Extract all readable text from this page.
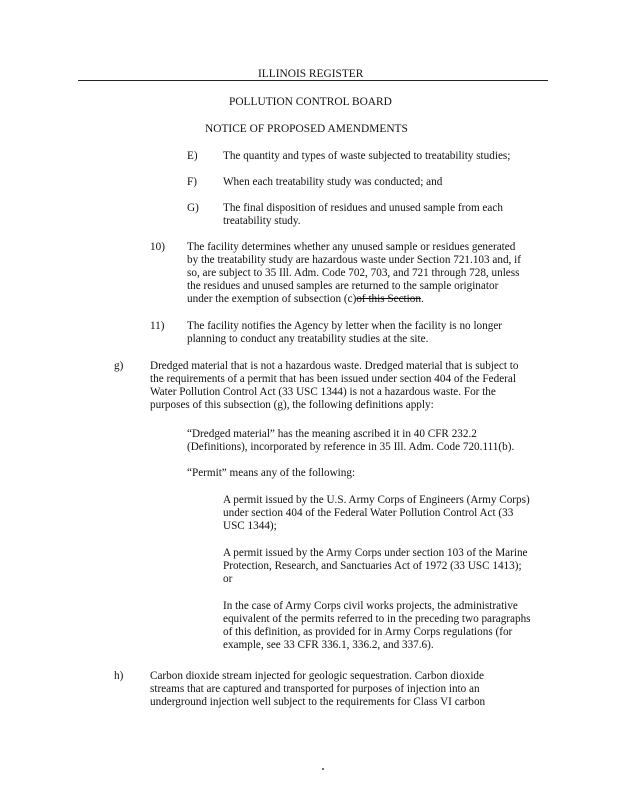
ILLINOIS REGISTER
POLLUTION CONTROL BOARD
NOTICE OF PROPOSED AMENDMENTS
E) The quantity and types of waste subjected to treatability studies;
F) When each treatability study was conducted; and
G) The final disposition of residues and unused sample from each
treatability study.
10) The facility determines whether any unused sample or residues generated
by the treatability study are hazardous waste under Section 721.103 and, if
so, are subject to 35 Ill. Adm. Code 702, 703, and 721 through 728, unless
the residues and unused samples are returned to the sample originator
under the exemption of subsection (c)of this Section.
11) The facility notifies the Agency by letter when the facility is no longer
planning to conduct any treatability studies at the site.
g) Dredged material that is not a hazardous waste. Dredged material that is subject to
the requirements of a permit that has been issued under section 404 of the Federal
Water Pollution Control Act (33 USC 1344) is not a hazardous waste. For the
purposes of this subsection (g), the following definitions apply:
“Dredged material” has the meaning ascribed it in 40 CFR 232.2
(Definitions), incorporated by reference in 35 Ill. Adm. Code 720.111(b).
“Permit” means any of the following:
A permit issued by the U.S. Army Corps of Engineers (Army Corps)
under section 404 of the Federal Water Pollution Control Act (33
USC 1344);
A permit issued by the Army Corps under section 103 of the Marine
Protection, Research, and Sanctuaries Act of 1972 (33 USC 1413);
or
In the case of Army Corps civil works projects, the administrative
equivalent of the permits referred to in the preceding two paragraphs
of this definition, as provided for in Army Corps regulations (for
example, see 33 CFR 336.1, 336.2, and 337.6).
h) Carbon dioxide stream injected for geologic sequestration. Carbon dioxide
streams that are captured and transported for purposes of injection into an
underground injection well subject to the requirements for Class VI carbon
